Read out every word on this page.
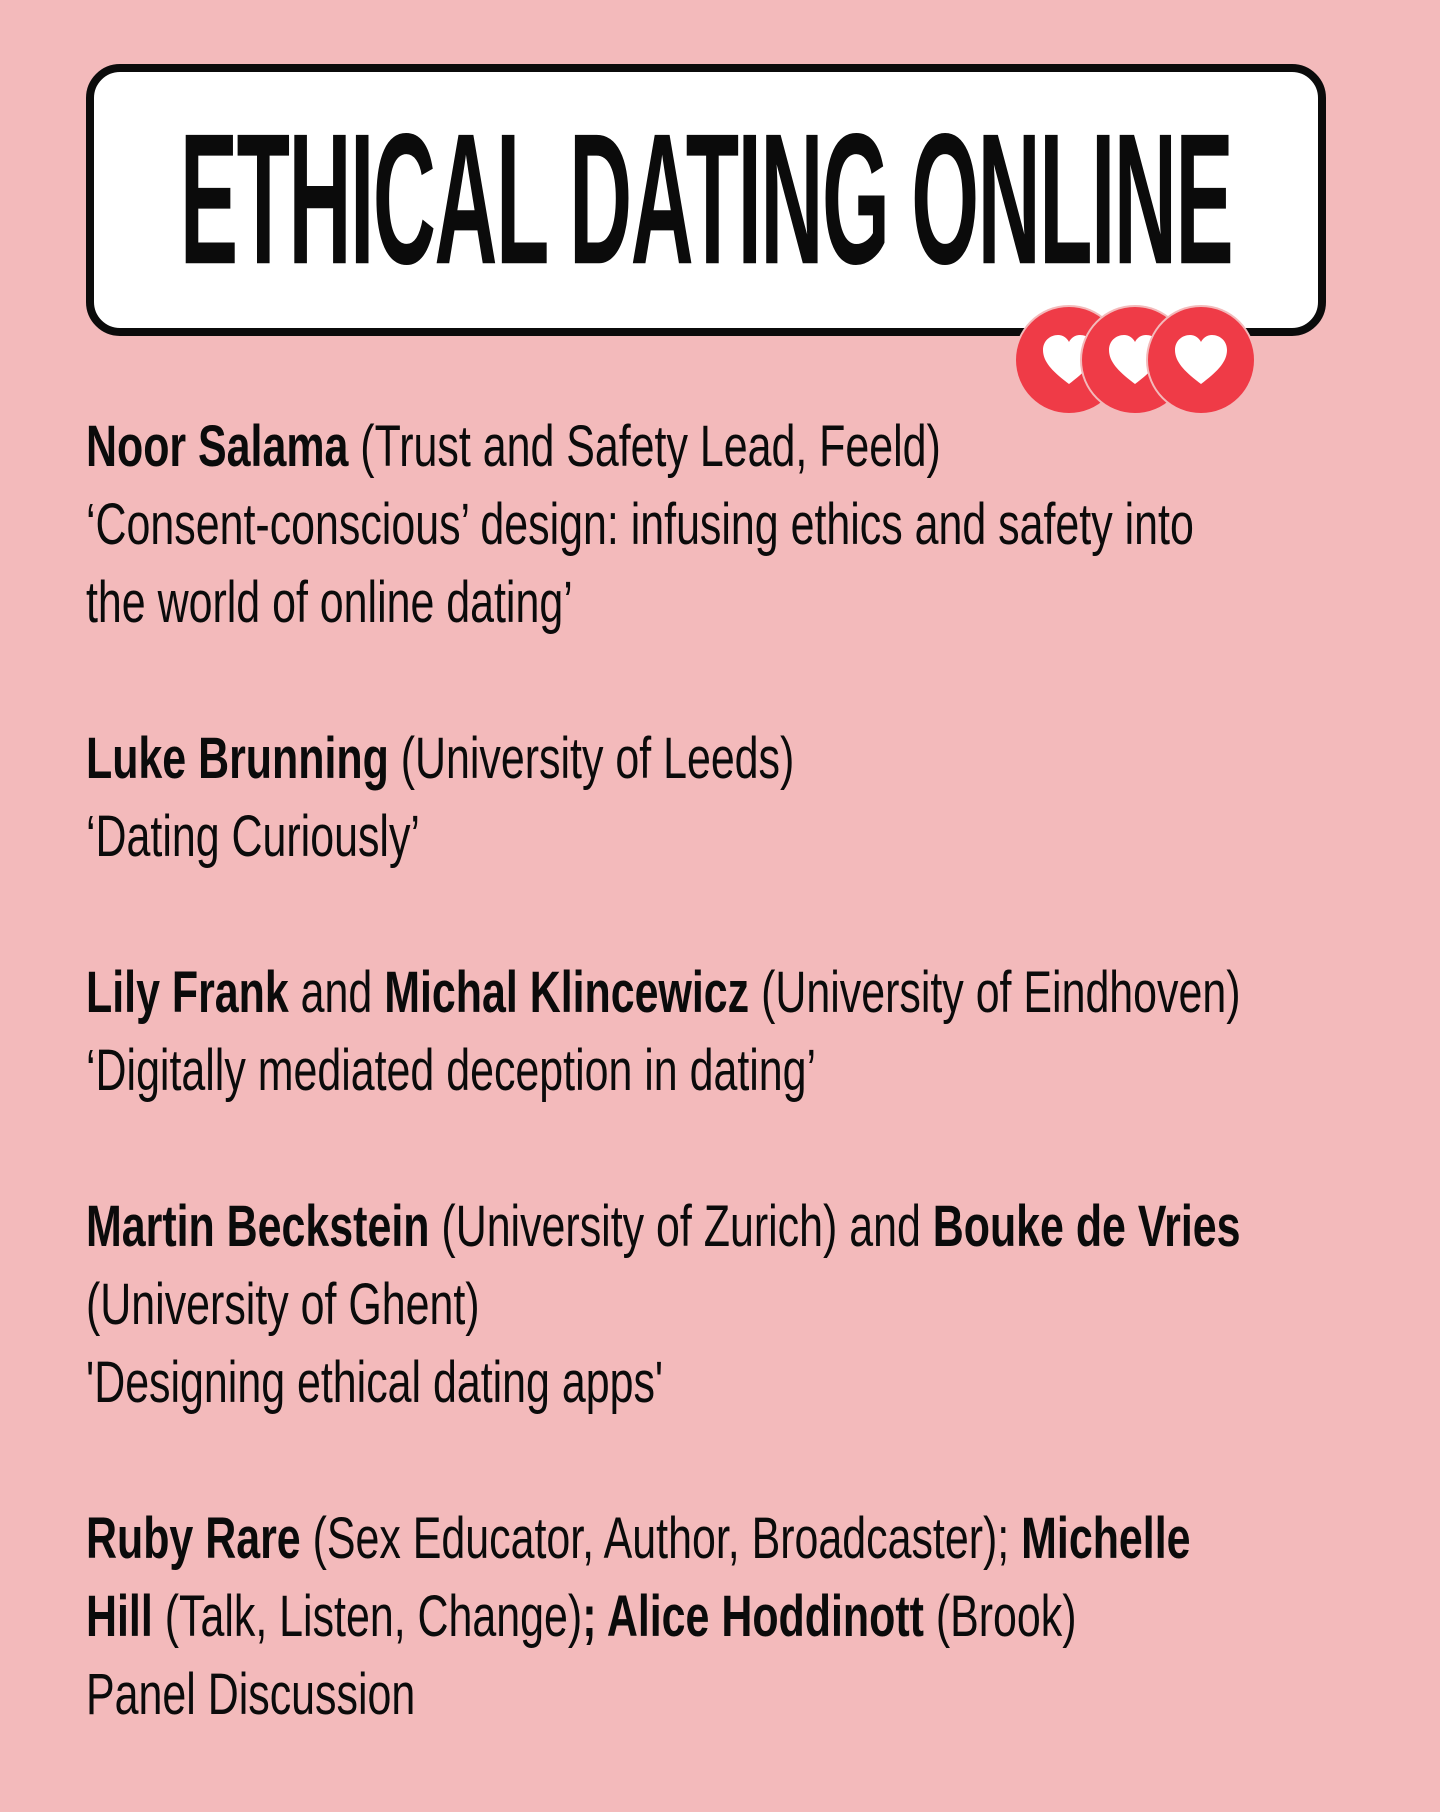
ETHICAL DATING ONLINE
Noor Salama (Trust and Safety Lead, Feeld)
‘Consent-conscious’ design: infusing ethics and safety into
the world of online dating’
Luke Brunning (University of Leeds)
‘Dating Curiously’
Lily Frank and Michal Klincewicz (University of Eindhoven)
‘Digitally mediated deception in dating’
Martin Beckstein (University of Zurich) and Bouke de Vries
(University of Ghent)
'Designing ethical dating apps'
Ruby Rare (Sex Educator, Author, Broadcaster); Michelle
Hill (Talk, Listen, Change); Alice Hoddinott (Brook)
Panel Discussion
